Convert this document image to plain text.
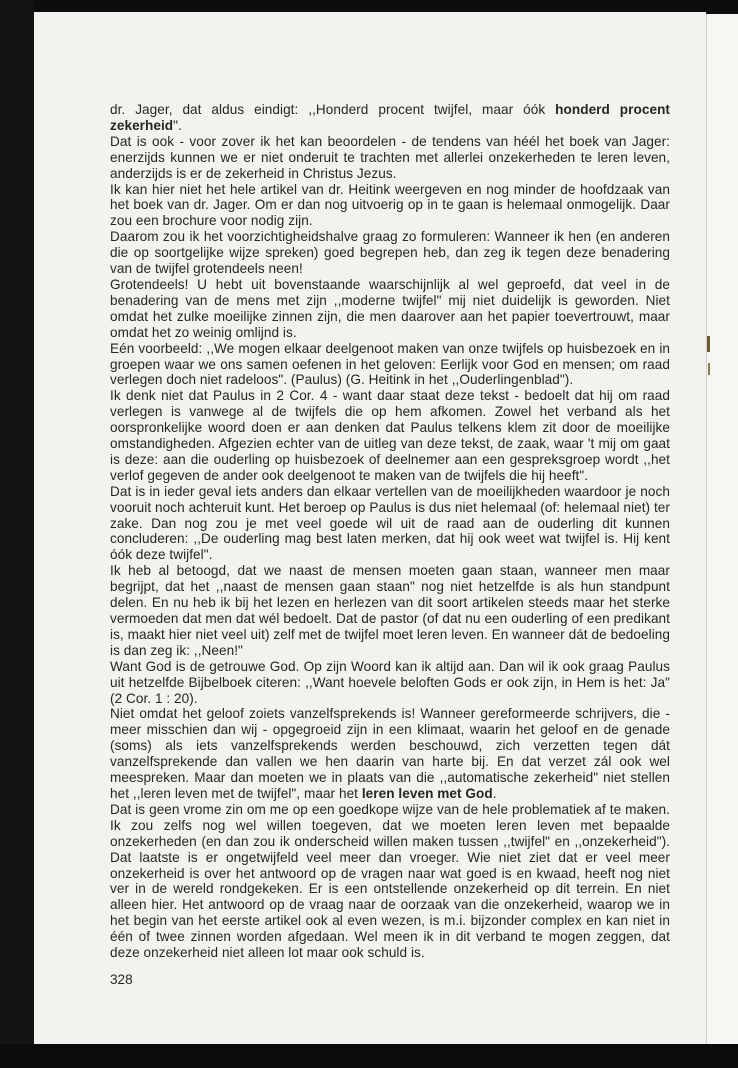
dr. Jager, dat aldus eindigt: ,,Honderd procent twijfel, maar óók honderd procent zekerheid".

Dat is ook - voor zover ik het kan beoordelen - de tendens van héél het boek van Jager: enerzijds kunnen we er niet onderuit te trachten met allerlei onzekerheden te leren leven, anderzijds is er de zekerheid in Christus Jezus.

Ik kan hier niet het hele artikel van dr. Heitink weergeven en nog minder de hoofdzaak van het boek van dr. Jager. Om er dan nog uitvoerig op in te gaan is helemaal onmogelijk. Daar zou een brochure voor nodig zijn.

Daarom zou ik het voorzichtigheidshalve graag zo formuleren: Wanneer ik hen (en anderen die op soortgelijke wijze spreken) goed begrepen heb, dan zeg ik tegen deze benadering van de twijfel grotendeels neen!

Grotendeels! U hebt uit bovenstaande waarschijnlijk al wel geproefd, dat veel in de benadering van de mens met zijn ,,moderne twijfel" mij niet duidelijk is geworden. Niet omdat het zulke moeilijke zinnen zijn, die men daarover aan het papier toevertrouwt, maar omdat het zo weinig omlijnd is.

Eén voorbeeld: ,,We mogen elkaar deelgenoot maken van onze twijfels op huisbezoek en in groepen waar we ons samen oefenen in het geloven: Eerlijk voor God en mensen; om raad verlegen doch niet radeloos". (Paulus) (G. Heitink in het ,,Ouderlingenblad").

Ik denk niet dat Paulus in 2 Cor. 4 - want daar staat deze tekst - bedoelt dat hij om raad verlegen is vanwege al de twijfels die op hem afkomen. Zowel het verband als het oorspronkelijke woord doen er aan denken dat Paulus telkens klem zit door de moeilijke omstandigheden. Afgezien echter van de uitleg van deze tekst, de zaak, waar 't mij om gaat is deze: aan die ouderling op huisbezoek of deelnemer aan een gespreksgroep wordt ,,het verlof gegeven de ander ook deelgenoot te maken van de twijfels die hij heeft".

Dat is in ieder geval iets anders dan elkaar vertellen van de moeilijkheden waardoor je noch vooruit noch achteruit kunt. Het beroep op Paulus is dus niet helemaal (of: helemaal niet) ter zake. Dan nog zou je met veel goede wil uit de raad aan de ouderling dit kunnen concluderen: ,,De ouderling mag best laten merken, dat hij ook weet wat twijfel is. Hij kent óók deze twijfel".

Ik heb al betoogd, dat we naast de mensen moeten gaan staan, wanneer men maar begrijpt, dat het ,,naast de mensen gaan staan" nog niet hetzelfde is als hun standpunt delen. En nu heb ik bij het lezen en herlezen van dit soort artikelen steeds maar het sterke vermoeden dat men dat wél bedoelt. Dat de pastor (of dat nu een ouderling of een predikant is, maakt hier niet veel uit) zelf met de twijfel moet leren leven. En wanneer dát de bedoeling is dan zeg ik: ,,Neen!"

Want God is de getrouwe God. Op zijn Woord kan ik altijd aan. Dan wil ik ook graag Paulus uit hetzelfde Bijbelboek citeren: ,,Want hoevele beloften Gods er ook zijn, in Hem is het: Ja" (2 Cor. 1 : 20).

Niet omdat het geloof zoiets vanzelfsprekends is! Wanneer gereformeerde schrijvers, die - meer misschien dan wij - opgegroeid zijn in een klimaat, waarin het geloof en de genade (soms) als iets vanzelfsprekends werden beschouwd, zich verzetten tegen dát vanzelfsprekende dan vallen we hen daarin van harte bij. En dat verzet zál ook wel meespreken. Maar dan moeten we in plaats van die ,,automatische zekerheid" niet stellen het ,,leren leven met de twijfel", maar het leren leven met God.

Dat is geen vrome zin om me op een goedkope wijze van de hele problematiek af te maken. Ik zou zelfs nog wel willen toegeven, dat we moeten leren leven met bepaalde onzekerheden (en dan zou ik onderscheid willen maken tussen ,,twijfel" en ,,onzekerheid"). Dat laatste is er ongetwijfeld veel meer dan vroeger. Wie niet ziet dat er veel meer onzekerheid is over het antwoord op de vragen naar wat goed is en kwaad, heeft nog niet ver in de wereld rondgekeken. Er is een ontstellende onzekerheid op dit terrein. En niet alleen hier. Het antwoord op de vraag naar de oorzaak van die onzekerheid, waarop we in het begin van het eerste artikel ook al even wezen, is m.i. bijzonder complex en kan niet in één of twee zinnen worden afgedaan. Wel meen ik in dit verband te mogen zeggen, dat deze onzekerheid niet alleen lot maar ook schuld is.

328
